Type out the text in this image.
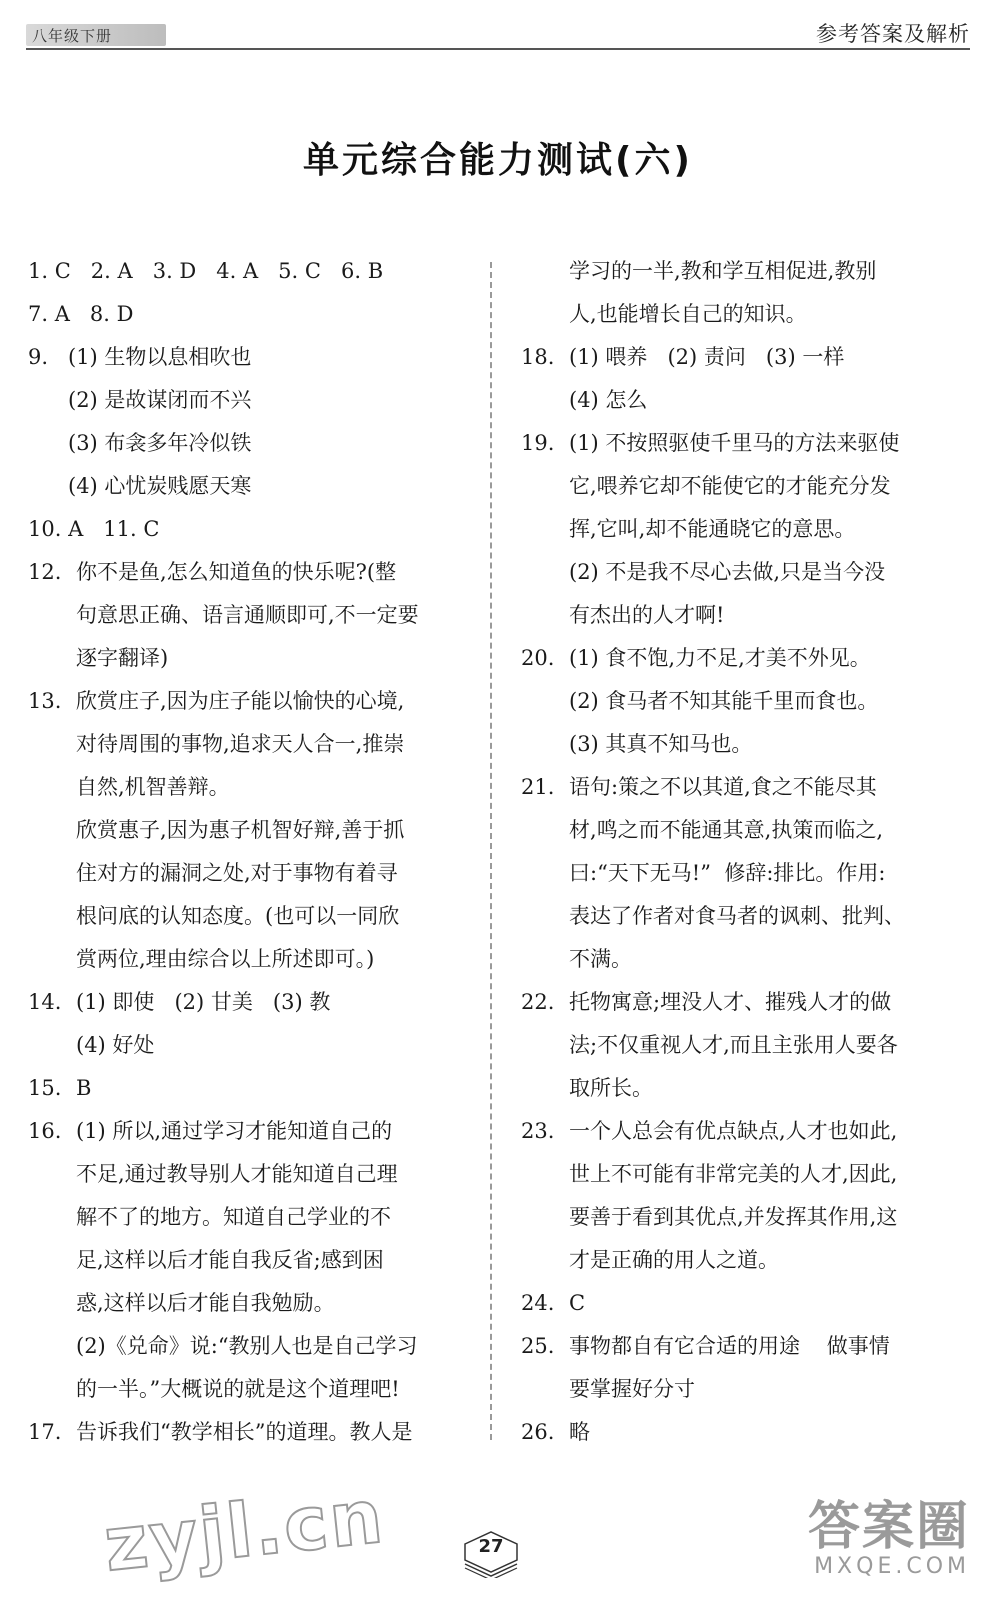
八年级下册	参考答案及解析
单元综合能力测试(六)
1. C   2. A   3. D   4. A   5. C   6. B
7. A   8. D
9. (1) 生物以息相吹也
(2) 是故谋闭而不兴
(3) 布衾多年冷似铁
(4) 心忧炭贱愿天寒
10. A   11. C
12. 你不是鱼,怎么知道鱼的快乐呢?(整
句意思正确、语言通顺即可,不一定要
逐字翻译)
13. 欣赏庄子,因为庄子能以愉快的心境,
对待周围的事物,追求天人合一,推崇
自然,机智善辩。
欣赏惠子,因为惠子机智好辩,善于抓
住对方的漏洞之处,对于事物有着寻
根问底的认知态度。(也可以一同欣
赏两位,理由综合以上所述即可。)
14. (1) 即使   (2) 甘美   (3) 教
(4) 好处
15. B
16. (1) 所以,通过学习才能知道自己的
不足,通过教导别人才能知道自己理
解不了的地方。知道自己学业的不
足,这样以后才能自我反省;感到困
惑,这样以后才能自我勉励。
(2)《兑命》说:“教别人也是自己学习
的一半。”大概说的就是这个道理吧!
17. 告诉我们“教学相长”的道理。教人是
学习的一半,教和学互相促进,教别
人,也能增长自己的知识。
18. (1) 喂养   (2) 责问   (3) 一样
(4) 怎么
19. (1) 不按照驱使千里马的方法来驱使
它,喂养它却不能使它的才能充分发
挥,它叫,却不能通晓它的意思。
(2) 不是我不尽心去做,只是当今没
有杰出的人才啊!
20. (1) 食不饱,力不足,才美不外见。
(2) 食马者不知其能千里而食也。
(3) 其真不知马也。
21. 语句:策之不以其道,食之不能尽其
材,鸣之而不能通其意,执策而临之,
曰:“天下无马!”  修辞:排比。作用:
表达了作者对食马者的讽刺、批判、
不满。
22. 托物寓意;埋没人才、摧残人才的做
法;不仅重视人才,而且主张用人要各
取所长。
23. 一个人总会有优点缺点,人才也如此,
世上不可能有非常完美的人才,因此,
要善于看到其优点,并发挥其作用,这
才是正确的用人之道。
24. C
25. 事物都自有它合适的用途    做事情
要掌握好分寸
26. 略
zyjl.cn	27	答案圈
MXQE.COM
